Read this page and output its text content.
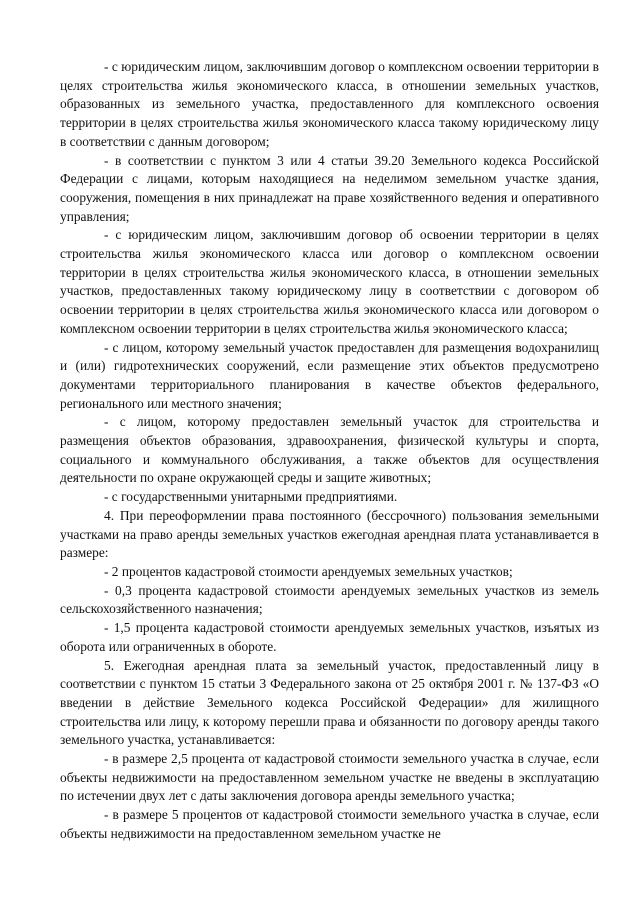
- с юридическим лицом, заключившим договор о комплексном освоении территории в целях строительства жилья экономического класса, в отношении земельных участков, образованных из земельного участка, предоставленного для комплексного освоения территории в целях строительства жилья экономического класса такому юридическому лицу в соответствии с данным договором;

- в соответствии с пунктом 3 или 4 статьи 39.20 Земельного кодекса Российской Федерации с лицами, которым находящиеся на неделимом земельном участке здания, сооружения, помещения в них принадлежат на праве хозяйственного ведения и оперативного управления;

- с юридическим лицом, заключившим договор об освоении территории в целях строительства жилья экономического класса или договор о комплексном освоении территории в целях строительства жилья экономического класса, в отношении земельных участков, предоставленных такому юридическому лицу в соответствии с договором об освоении территории в целях строительства жилья экономического класса или договором о комплексном освоении территории в целях строительства жилья экономического класса;

- с лицом, которому земельный участок предоставлен для размещения водохранилищ и (или) гидротехнических сооружений, если размещение этих объектов предусмотрено документами территориального планирования в качестве объектов федерального, регионального или местного значения;

- с лицом, которому предоставлен земельный участок для строительства и размещения объектов образования, здравоохранения, физической культуры и спорта, социального и коммунального обслуживания, а также объектов для осуществления деятельности по охране окружающей среды и защите животных;

- с государственными унитарными предприятиями.

4. При переоформлении права постоянного (бессрочного) пользования земельными участками на право аренды земельных участков ежегодная арендная плата устанавливается в размере:

- 2 процентов кадастровой стоимости арендуемых земельных участков;

- 0,3 процента кадастровой стоимости арендуемых земельных участков из земель сельскохозяйственного назначения;

- 1,5 процента кадастровой стоимости арендуемых земельных участков, изъятых из оборота или ограниченных в обороте.

5. Ежегодная арендная плата за земельный участок, предоставленный лицу в соответствии с пунктом 15 статьи 3 Федерального закона от 25 октября 2001 г. № 137-ФЗ «О введении в действие Земельного кодекса Российской Федерации» для жилищного строительства или лицу, к которому перешли права и обязанности по договору аренды такого земельного участка, устанавливается:

- в размере 2,5 процента от кадастровой стоимости земельного участка в случае, если объекты недвижимости на предоставленном земельном участке не введены в эксплуатацию по истечении двух лет с даты заключения договора аренды земельного участка;

- в размере 5 процентов от кадастровой стоимости земельного участка в случае, если объекты недвижимости на предоставленном земельном участке не
